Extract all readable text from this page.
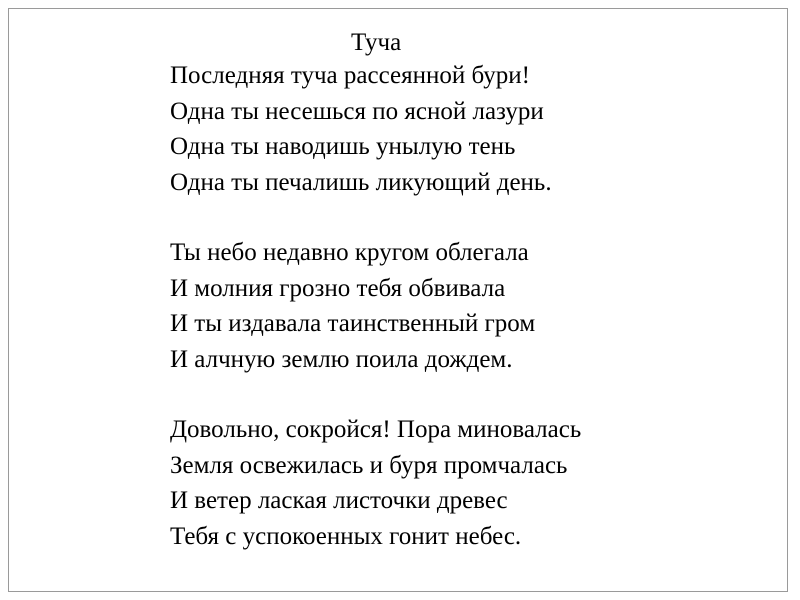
Туча
Последняя туча рассеянной бури!
Одна ты несешься по ясной лазури
Одна ты наводишь унылую тень
Одна ты печалишь ликующий день.
Ты небо недавно кругом облегала
И молния грозно тебя обвивала
И ты издавала таинственный гром
И алчную землю поила дождем.
Довольно, сокройся! Пора миновалась
Земля освежилась и буря промчалась
И ветер лаская листочки древес
Тебя с успокоенных гонит небес.
